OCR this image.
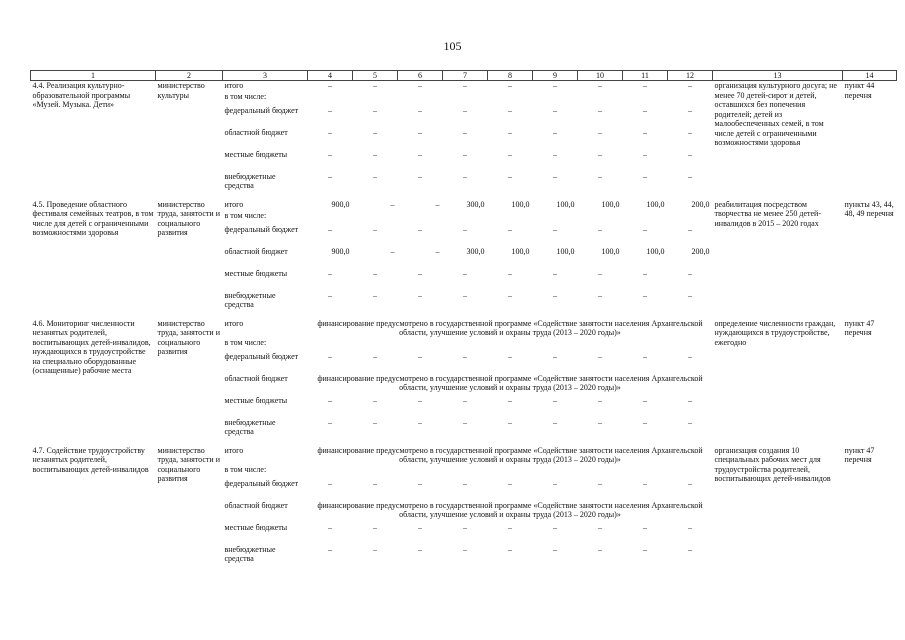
105
1	2	3	4	5	6	7	8	9	10	11	12	13	14
4.4. Реализация культурно-образовательной программы «Музей. Музыка. Дети»	министерство культуры	итого	–	–	–	–	–	–	–	–	–	организация культурного досуга; не менее 70 детей-сирот и детей, оставшихся без попечения родителей; детей из малообеспеченных семей, в том числе детей с ограниченными возможностями здоровья	пункт 44 перечня
		в том числе:											
		федеральный бюджет	–	–	–	–	–	–	–	–	–		
		областной бюджет	–	–	–	–	–	–	–	–	–		
		местные бюджеты	–	–	–	–	–	–	–	–	–		
		внебюджетные средства	–	–	–	–	–	–	–	–	–		

4.5. Проведение областного фестиваля семейных театров, в том числе для детей с ограниченными возможностями здоровья	министерство труда, занятости и социального развития	итого	900,0	–	–	300,0	100,0	100,0	100,0	100,0	200,0	реабилитация посредством творчества не менее 250 детей-инвалидов в 2015 – 2020 годах	пункты 43, 44, 48, 49 перечня
		в том числе:											
		федеральный бюджет	–	–	–	–	–	–	–	–	–		
		областной бюджет	900,0	–	–	300,0	100,0	100,0	100,0	100,0	200,0		
		местные бюджеты	–	–	–	–	–	–	–	–	–		
		внебюджетные средства	–	–	–	–	–	–	–	–	–		

4.6. Мониторинг численности незанятых родителей, воспитывающих детей-инвалидов, нуждающихся в трудоустройстве на специально оборудованные (оснащенные) рабочие места	министерство труда, занятости и социального развития	итого	финансирование предусмотрено в государственной программе «Содействие занятости населения Архангельской области, улучшение условий и охраны труда (2013 – 2020 годы)»									определение численности граждан, нуждающихся в трудоустройстве, ежегодно	пункт 47 перечня
		в том числе:											
		федеральный бюджет	–	–	–	–	–	–	–	–	–		
		областной бюджет	финансирование предусмотрено в государственной программе «Содействие занятости населения Архангельской области, улучшение условий и охраны труда (2013 – 2020 годы)»										
		местные бюджеты	–	–	–	–	–	–	–	–	–		
		внебюджетные средства	–	–	–	–	–	–	–	–	–		

4.7. Содействие трудоустройству незанятых родителей, воспитывающих детей-инвалидов	министерство труда, занятости и социального развития	итого	финансирование предусмотрено в государственной программе «Содействие занятости населения Архангельской области, улучшение условий и охраны труда (2013 – 2020 годы)»									организация создания 10 специальных рабочих мест для трудоустройства родителей, воспитывающих детей-инвалидов	пункт 47 перечня
		в том числе:											
		федеральный бюджет	–	–	–	–	–	–	–	–	–		
		областной бюджет	финансирование предусмотрено в государственной программе «Содействие занятости населения Архангельской области, улучшение условий и охраны труда (2013 – 2020 годы)»										
		местные бюджеты	–	–	–	–	–	–	–	–	–		
		внебюджетные средства	–	–	–	–	–	–	–	–	–		
